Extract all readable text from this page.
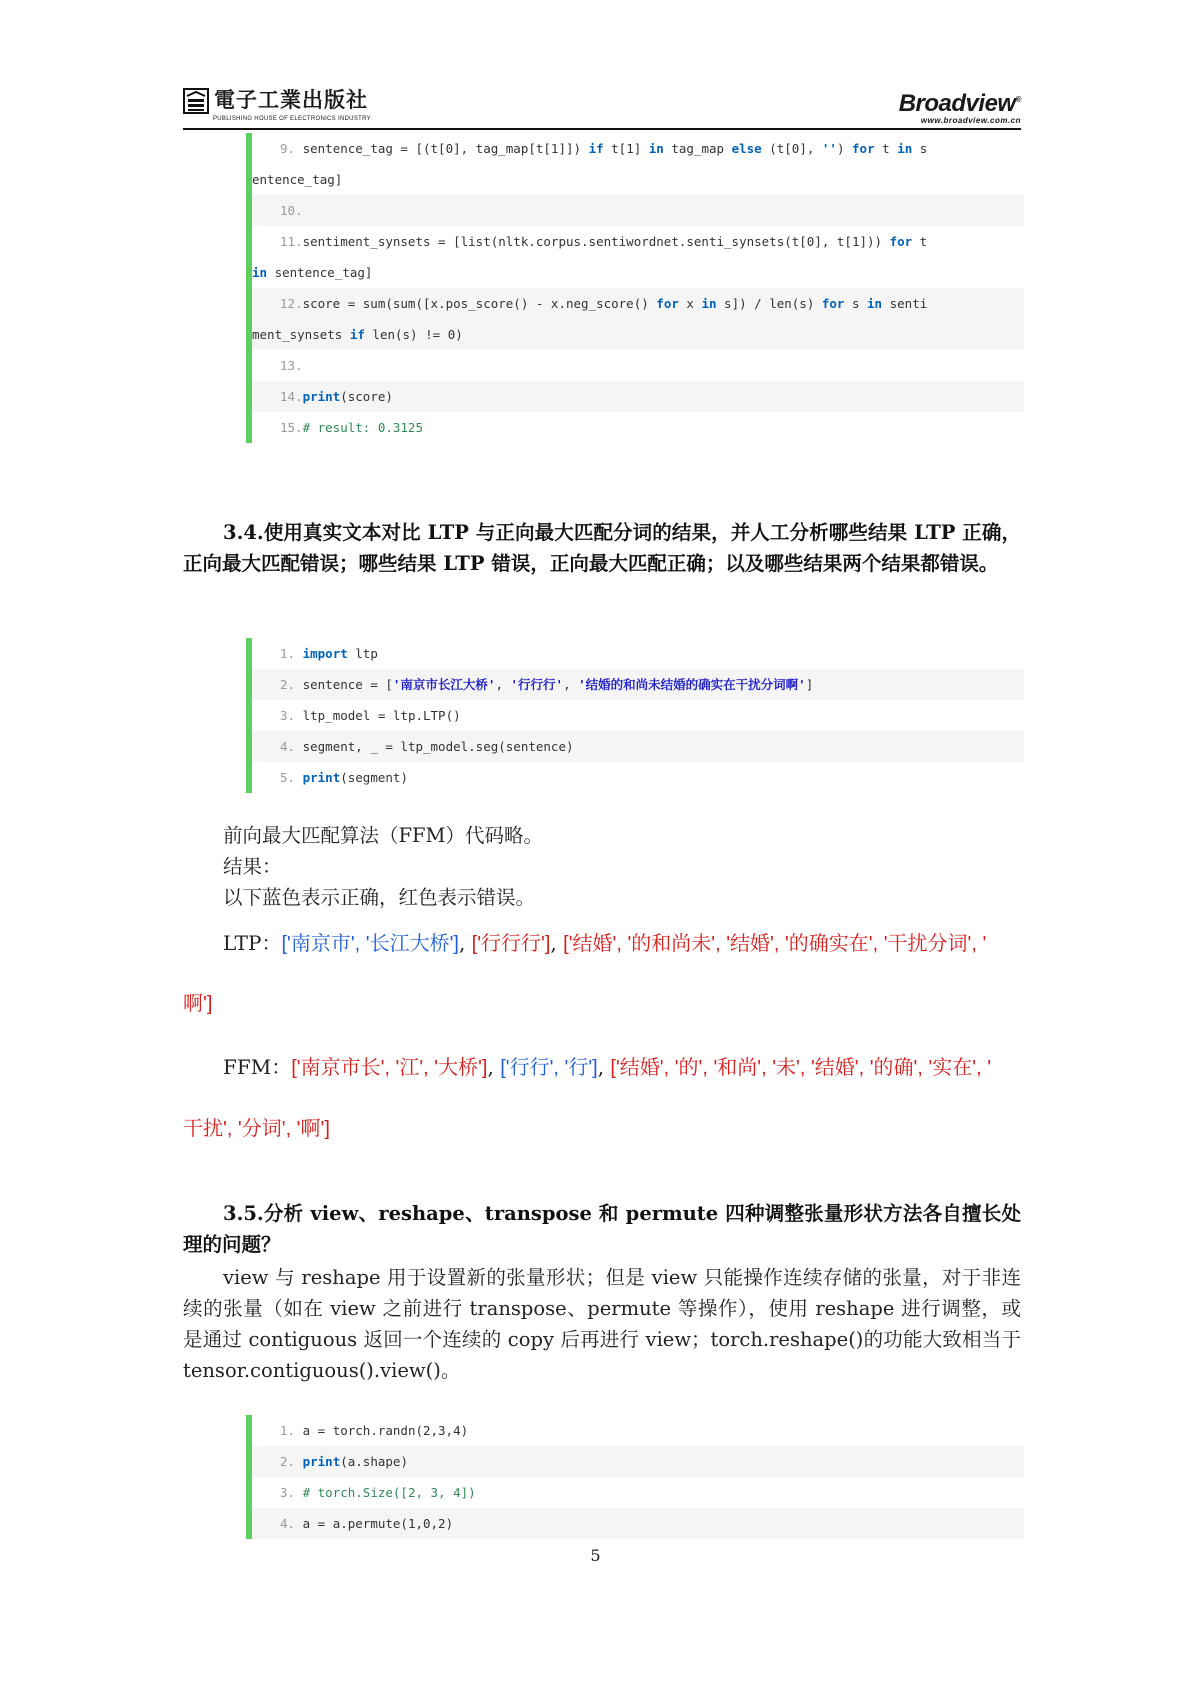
電子工業出版社
PUBLISHING HOUSE OF ELECTRONICS INDUSTRY
Broadview®
www.broadview.com.cn
9. sentence_tag = [(t[0], tag_map[t[1]]) if t[1] in tag_map else (t[0], '') for t in s
entence_tag]
10.
11.sentiment_synsets = [list(nltk.corpus.sentiwordnet.senti_synsets(t[0], t[1])) for t
in sentence_tag]
12.score = sum(sum([x.pos_score() - x.neg_score() for x in s]) / len(s) for s in senti
ment_synsets if len(s) != 0)
13.
14.print(score)
15.# result: 0.3125
3.4.使用真实文本对比 LTP 与正向最大匹配分词的结果，并人工分析哪些结果 LTP 正确，正向最大匹配错误；哪些结果 LTP 错误，正向最大匹配正确；以及哪些结果两个结果都错误。
1. import ltp
2. sentence = ['南京市长江大桥', '行行行', '结婚的和尚未结婚的确实在干扰分词啊']
3. ltp_model = ltp.LTP()
4. segment, _ = ltp_model.seg(sentence)
5. print(segment)
前向最大匹配算法（FFM）代码略。
结果：
以下蓝色表示正确，红色表示错误。
LTP：['南京市', '长江大桥'], ['行行行'], ['结婚', '的和尚未', '结婚', '的确实在', '干扰分词', '
啊']
FFM：['南京市长', '江', '大桥'], ['行行', '行'], ['结婚', '的', '和尚', '未', '结婚', '的确', '实在', '
干扰', '分词', '啊']
3.5.分析 view、reshape、transpose 和 permute 四种调整张量形状方法各自擅长处理的问题？
view 与 reshape 用于设置新的张量形状；但是 view 只能操作连续存储的张量，对于非连续的张量（如在 view 之前进行 transpose、permute 等操作），使用 reshape 进行调整，或是通过 contiguous 返回一个连续的 copy 后再进行 view；torch.reshape()的功能大致相当于 tensor.contiguous().view()。
1. a = torch.randn(2,3,4)
2. print(a.shape)
3. # torch.Size([2, 3, 4])
4. a = a.permute(1,0,2)
5
